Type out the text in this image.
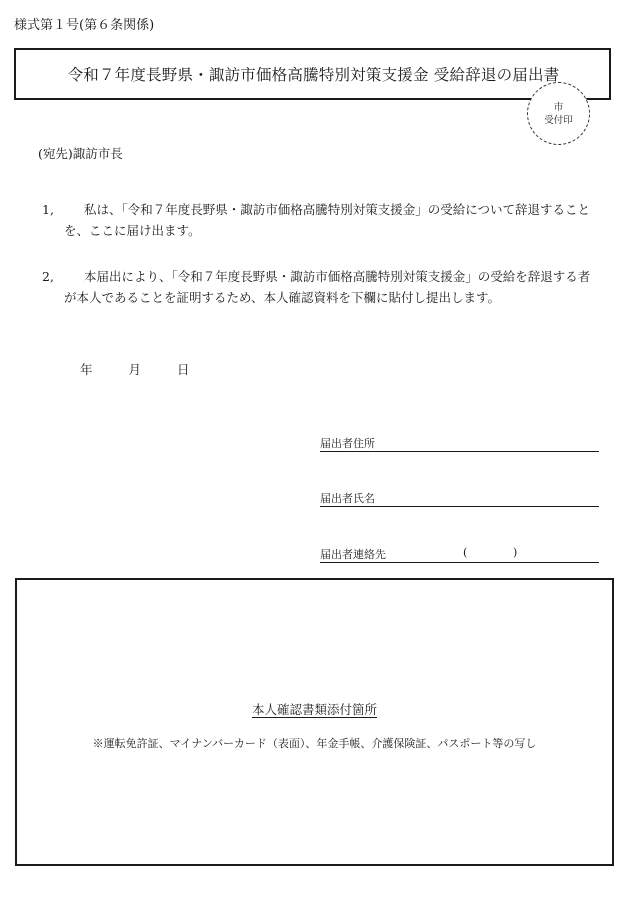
様式第１号(第６条関係)
令和７年度長野県・諏訪市価格高騰特別対策支援金 受給辞退の届出書
市
受付印
(宛先)諏訪市長
1,	私は、「令和７年度長野県・諏訪市価格高騰特別対策支援金」の受給について辞退することを、ここに届け出ます。
2,	本届出により、「令和７年度長野県・諏訪市価格高騰特別対策支援金」の受給を辞退する者が本人であることを証明するため、本人確認資料を下欄に貼付し提出します。
年	月	日
届出者住所
届出者氏名
届出者連絡先	(	)
本人確認書類添付箇所
※運転免許証、マイナンバーカード（表面）、年金手帳、介護保険証、パスポート等の写し
